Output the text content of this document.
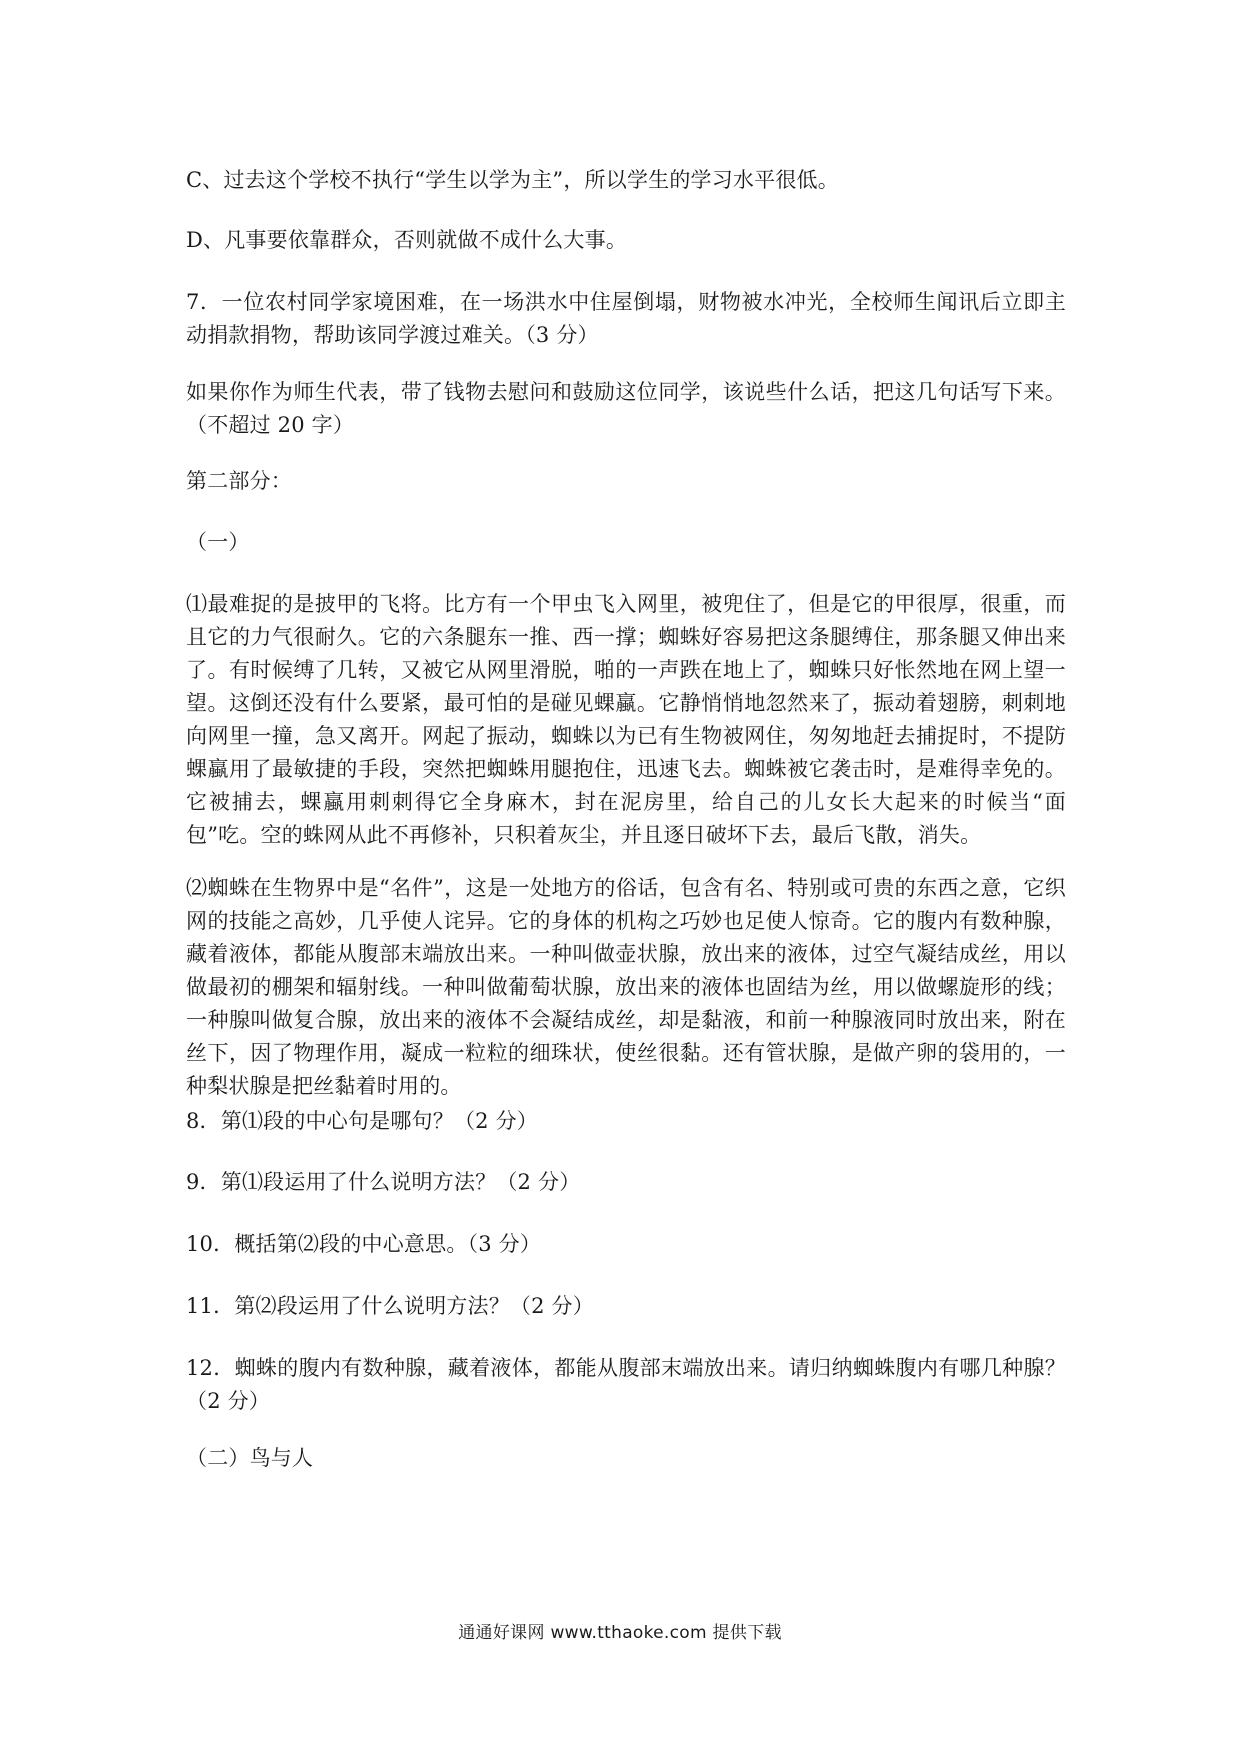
C、过去这个学校不执行“学生以学为主”，所以学生的学习水平很低。
D、凡事要依靠群众，否则就做不成什么大事。
7．一位农村同学家境困难，在一场洪水中住屋倒塌，财物被水冲光，全校师生闻讯后立即主动捐款捐物，帮助该同学渡过难关。（3 分）
如果你作为师生代表，带了钱物去慰问和鼓励这位同学，该说些什么话，把这几句话写下来。（不超过 20 字）
第二部分：
（一）
⑴最难捉的是披甲的飞将。比方有一个甲虫飞入网里，被兜住了，但是它的甲很厚，很重，而且它的力气很耐久。它的六条腿东一推、西一撑；蜘蛛好容易把这条腿缚住，那条腿又伸出来了。有时候缚了几转，又被它从网里滑脱，啪的一声跌在地上了，蜘蛛只好怅然地在网上望一望。这倒还没有什么要紧，最可怕的是碰见蜾蠃。它静悄悄地忽然来了，振动着翅膀，刺刺地向网里一撞，急又离开。网起了振动，蜘蛛以为已有生物被网住，匆匆地赶去捕捉时，不提防蜾蠃用了最敏捷的手段，突然把蜘蛛用腿抱住，迅速飞去。蜘蛛被它袭击时，是难得幸免的。它被捕去，蜾蠃用刺刺得它全身麻木，封在泥房里，给自己的儿女长大起来的时候当“面包”吃。空的蛛网从此不再修补，只积着灰尘，并且逐日破坏下去，最后飞散，消失。
⑵蜘蛛在生物界中是“名件”，这是一处地方的俗话，包含有名、特别或可贵的东西之意，它织网的技能之高妙，几乎使人诧异。它的身体的机构之巧妙也足使人惊奇。它的腹内有数种腺，藏着液体，都能从腹部末端放出来。一种叫做壶状腺，放出来的液体，过空气凝结成丝，用以做最初的棚架和辐射线。一种叫做葡萄状腺，放出来的液体也固结为丝，用以做螺旋形的线；一种腺叫做复合腺，放出来的液体不会凝结成丝，却是黏液，和前一种腺液同时放出来，附在丝下，因了物理作用，凝成一粒粒的细珠状，使丝很黏。还有管状腺，是做产卵的袋用的，一种梨状腺是把丝黏着时用的。
8．第⑴段的中心句是哪句？（2 分）
9．第⑴段运用了什么说明方法？（2 分）
10．概括第⑵段的中心意思。（3 分）
11．第⑵段运用了什么说明方法？（2 分）
12．蜘蛛的腹内有数种腺，藏着液体，都能从腹部末端放出来。请归纳蜘蛛腹内有哪几种腺？（2 分）
（二）鸟与人
通通好课网 www.tthaoke.com 提供下载
